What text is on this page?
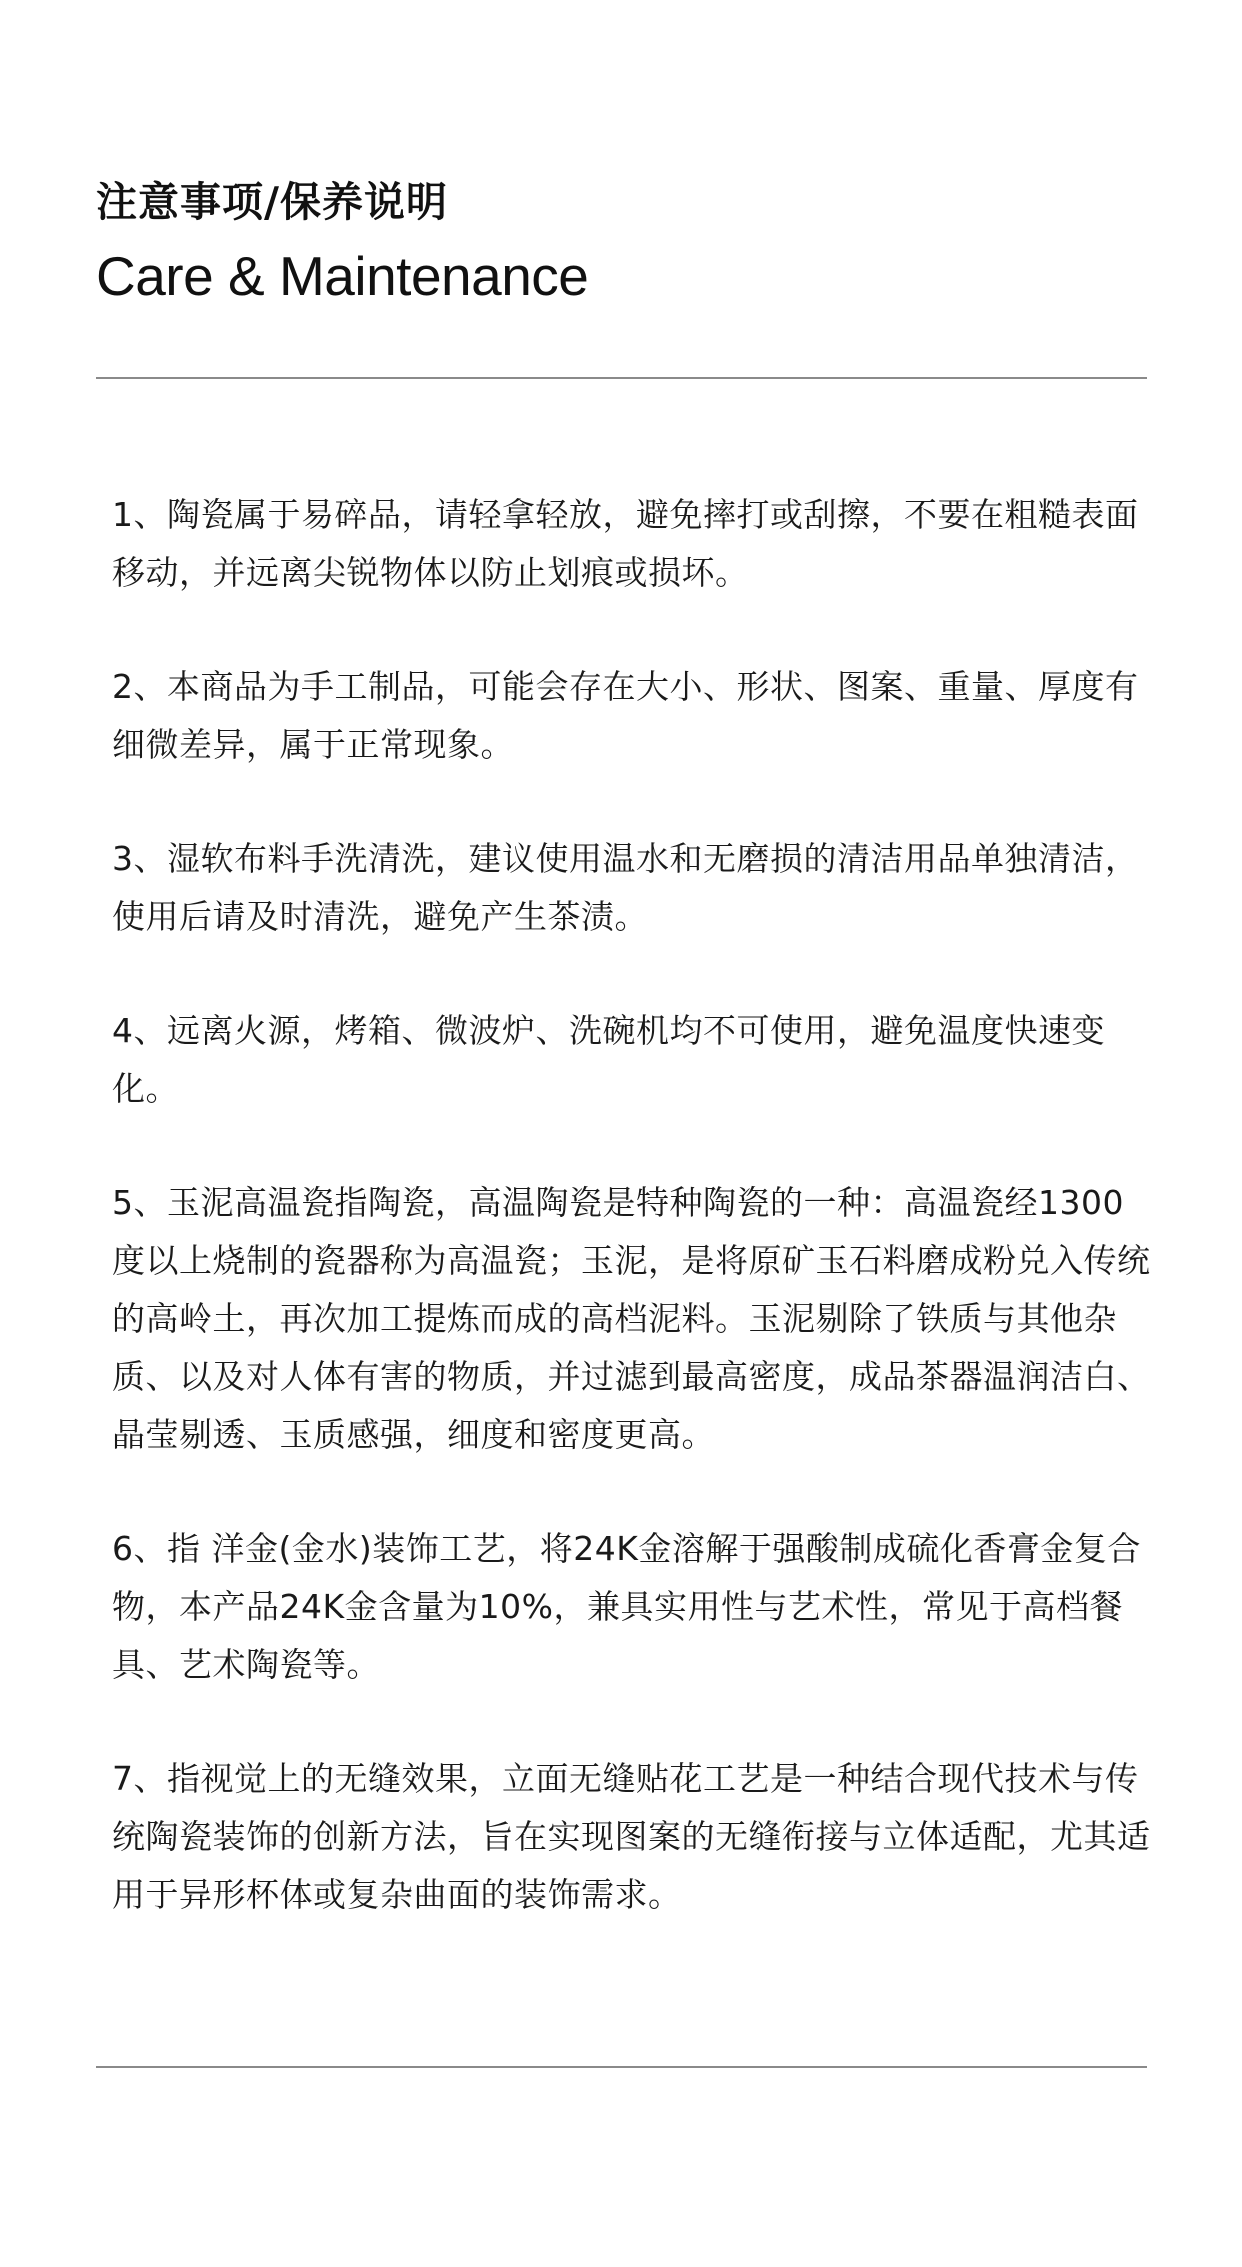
注意事项/保养说明
Care & Maintenance
1、陶瓷属于易碎品，请轻拿轻放，避免摔打或刮擦，不要在粗糙表面移动，并远离尖锐物体以防止划痕或损坏。
2、本商品为手工制品，可能会存在大小、形状、图案、重量、厚度有细微差异，属于正常现象。
3、湿软布料手洗清洗，建议使用温水和无磨损的清洁用品单独清洁，使用后请及时清洗，避免产生茶渍。
4、远离火源，烤箱、微波炉、洗碗机均不可使用，避免温度快速变化。
5、玉泥高温瓷指陶瓷，高温陶瓷是特种陶瓷的一种：高温瓷经1300度以上烧制的瓷器称为高温瓷；玉泥，是将原矿玉石料磨成粉兑入传统的高岭土，再次加工提炼而成的高档泥料。玉泥剔除了铁质与其他杂质、以及对人体有害的物质，并过滤到最高密度，成品茶器温润洁白、晶莹剔透、玉质感强，细度和密度更高。
6、指 洋金(金水)装饰工艺，将24K金溶解于强酸制成硫化香膏金复合物，本产品24K金含量为10%，兼具实用性与艺术性，常见于高档餐具、艺术陶瓷等。
7、指视觉上的无缝效果，立面无缝贴花工艺是一种结合现代技术与传统陶瓷装饰的创新方法，旨在实现图案的无缝衔接与立体适配，尤其适用于异形杯体或复杂曲面的装饰需求。
